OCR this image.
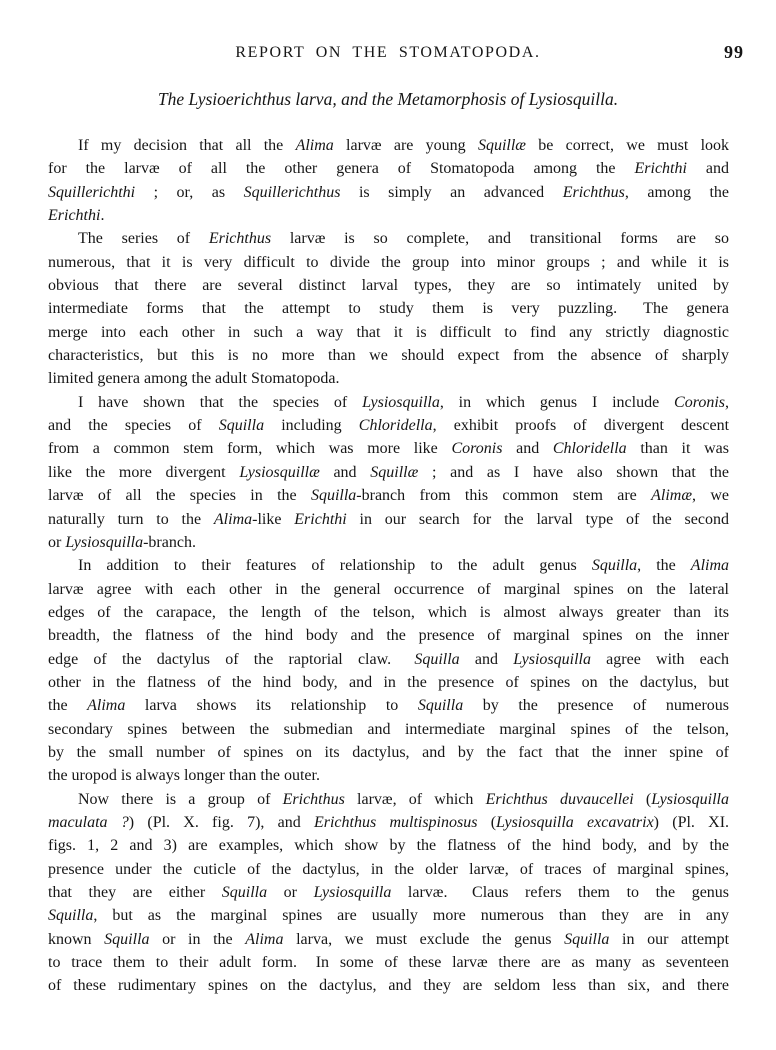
REPORT ON THE STOMATOPODA.	99
The Lysioerichthus larva, and the Metamorphosis of Lysiosquilla.
If my decision that all the Alima larvæ are young Squillæ be correct, we must look
for the larvæ of all the other genera of Stomatopoda among the Erichthi and
Squillerichthi ; or, as Squillerichthus is simply an advanced Erichthus, among the
Erichthi.
The series of Erichthus larvæ is so complete, and transitional forms are so
numerous, that it is very difficult to divide the group into minor groups ; and while it is
obvious that there are several distinct larval types, they are so intimately united by
intermediate forms that the attempt to study them is very puzzling.  The genera
merge into each other in such a way that it is difficult to find any strictly diagnostic
characteristics, but this is no more than we should expect from the absence of sharply
limited genera among the adult Stomatopoda.
I have shown that the species of Lysiosquilla, in which genus I include Coronis,
and the species of Squilla including Chloridella, exhibit proofs of divergent descent
from a common stem form, which was more like Coronis and Chloridella than it was
like the more divergent Lysiosquillæ and Squillæ ; and as I have also shown that the
larvæ of all the species in the Squilla-branch from this common stem are Alimæ, we
naturally turn to the Alima-like Erichthi in our search for the larval type of the second
or Lysiosquilla-branch.
In addition to their features of relationship to the adult genus Squilla, the Alima
larvæ agree with each other in the general occurrence of marginal spines on the lateral
edges of the carapace, the length of the telson, which is almost always greater than its
breadth, the flatness of the hind body and the presence of marginal spines on the inner
edge of the dactylus of the raptorial claw.  Squilla and Lysiosquilla agree with each
other in the flatness of the hind body, and in the presence of spines on the dactylus, but
the Alima larva shows its relationship to Squilla by the presence of numerous
secondary spines between the submedian and intermediate marginal spines of the telson,
by the small number of spines on its dactylus, and by the fact that the inner spine of
the uropod is always longer than the outer.
Now there is a group of Erichthus larvæ, of which Erichthus duvaucellei (Lysiosquilla
maculata ?) (Pl. X. fig. 7), and Erichthus multispinosus (Lysiosquilla excavatrix) (Pl. XI.
figs. 1, 2 and 3) are examples, which show by the flatness of the hind body, and by the
presence under the cuticle of the dactylus, in the older larvæ, of traces of marginal spines,
that they are either Squilla or Lysiosquilla larvæ.  Claus refers them to the genus
Squilla, but as the marginal spines are usually more numerous than they are in any
known Squilla or in the Alima larva, we must exclude the genus Squilla in our attempt
to trace them to their adult form.  In some of these larvæ there are as many as seventeen
of these rudimentary spines on the dactylus, and they are seldom less than six, and there
